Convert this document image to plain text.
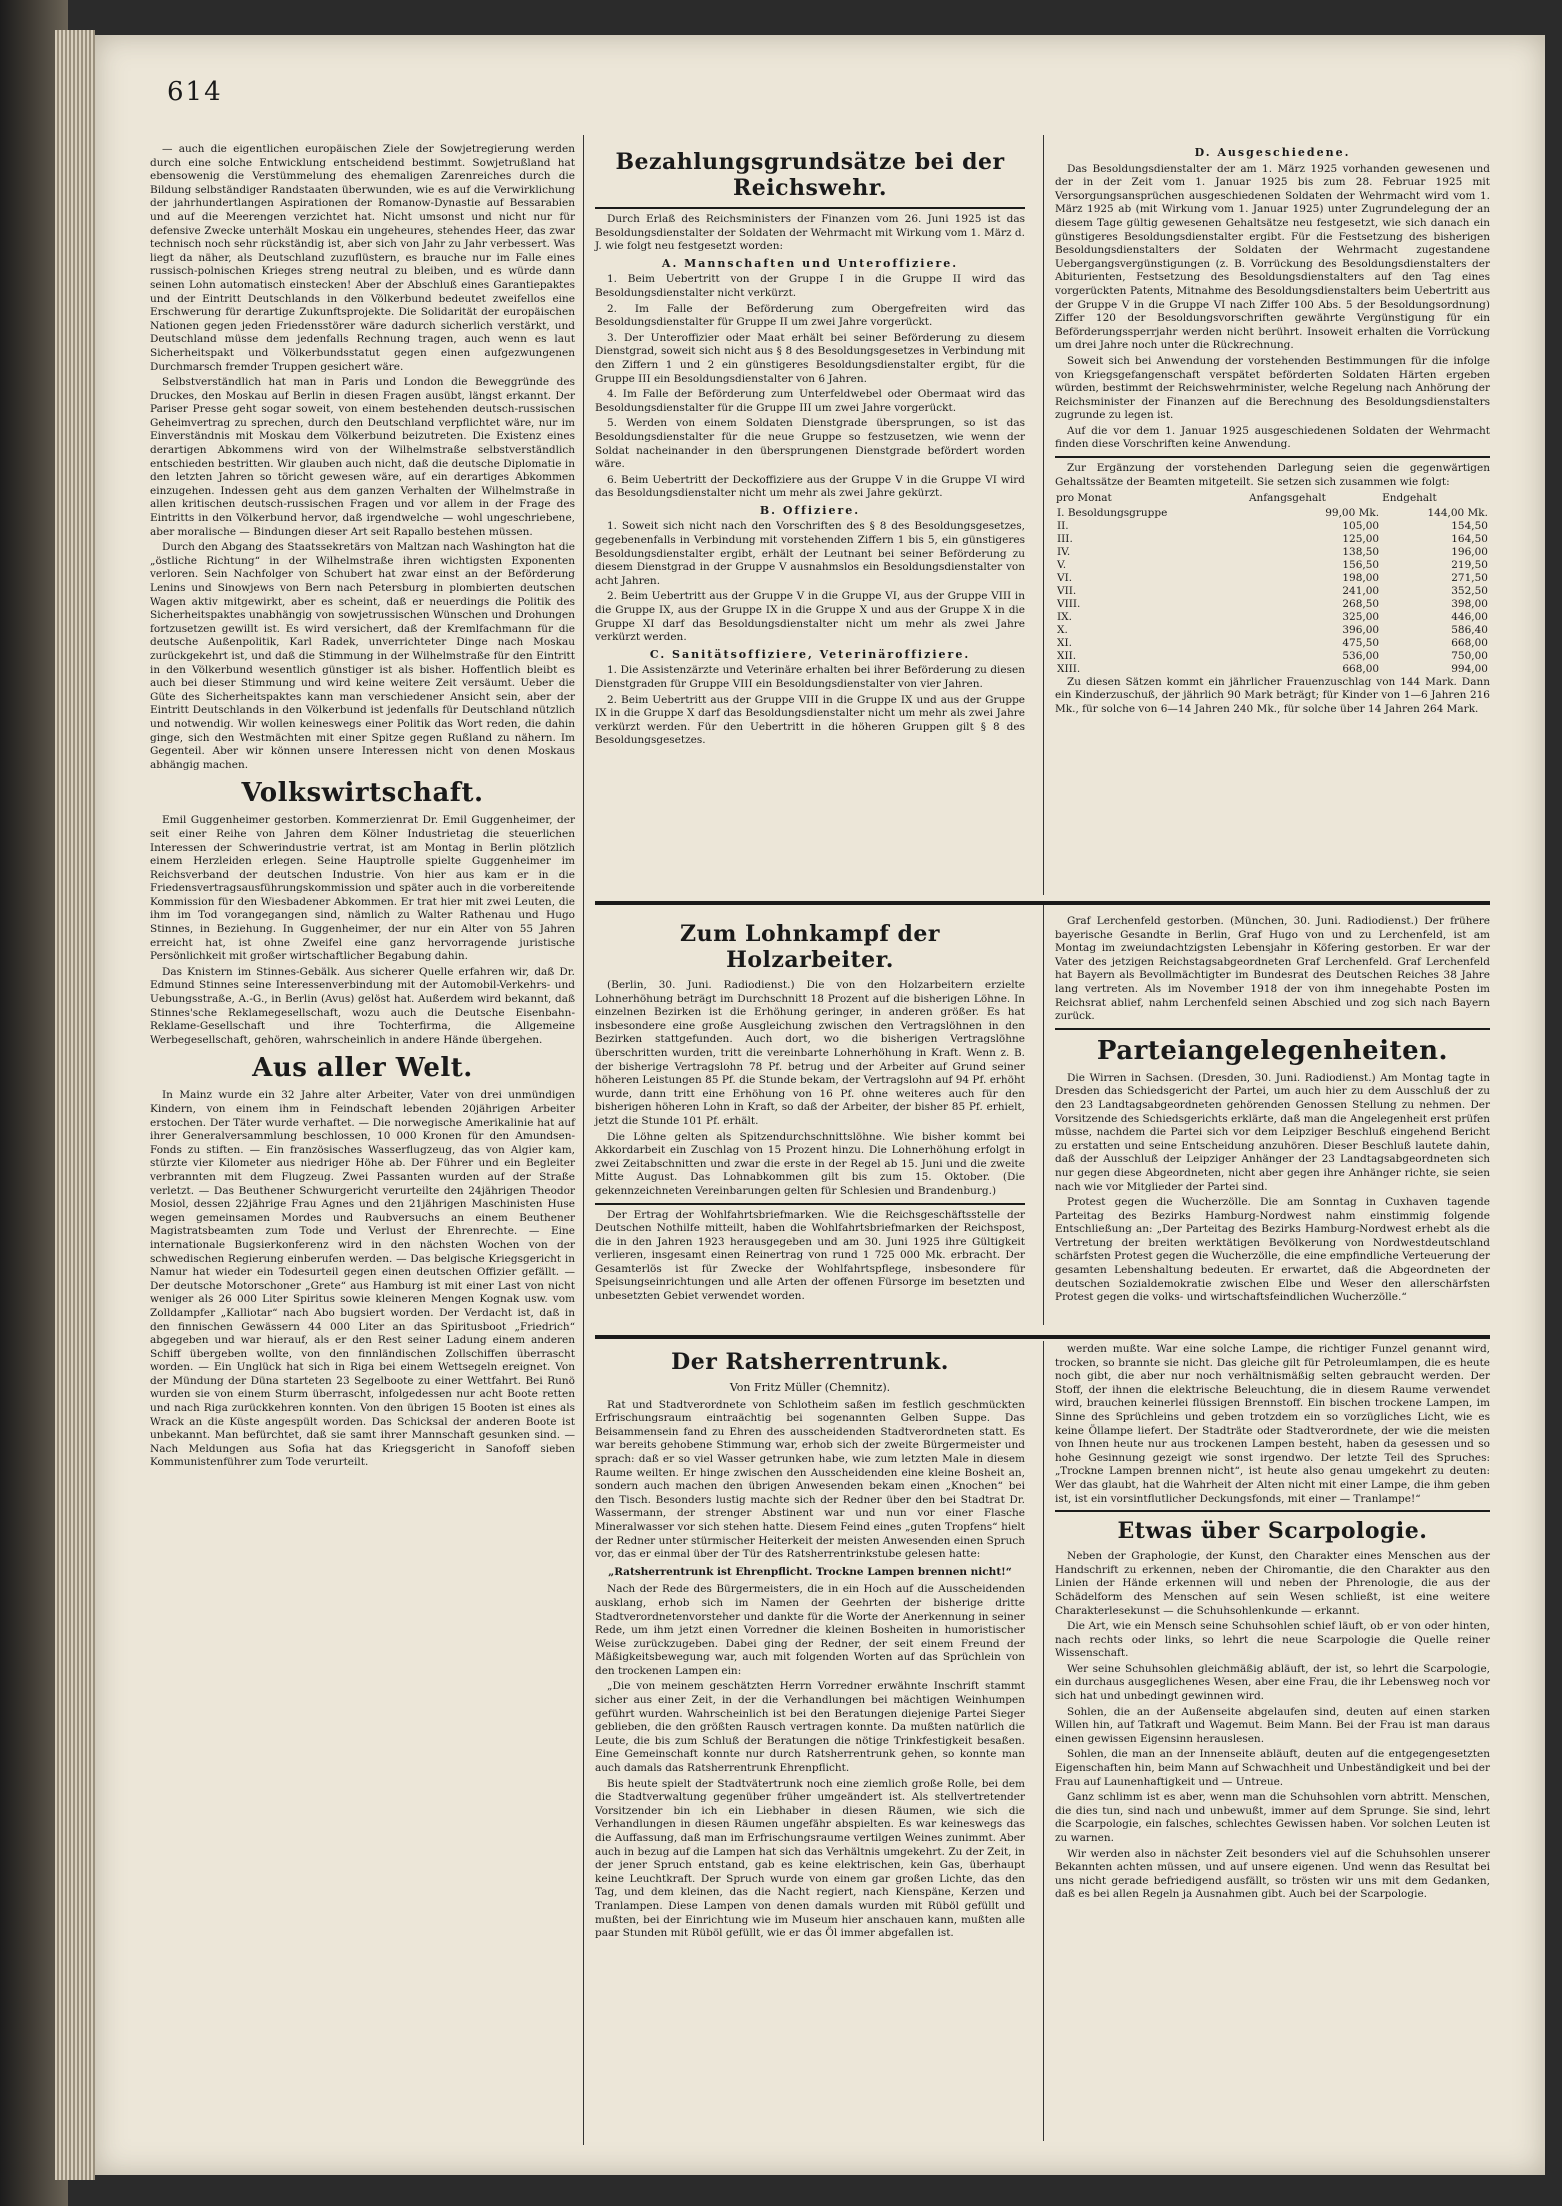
614

— auch die eigentlichen europäischen Ziele der Sowjetregierung werden durch eine solche Entwicklung entscheidend bestimmt. Sowjetrußland hat ebensowenig die Verstümmelung des ehemaligen Zarenreiches durch die Bildung selbständiger Randstaaten überwunden, wie es auf die Verwirklichung der jahrhundertlangen Aspirationen der Romanow-Dynastie auf Bessarabien und auf die Meerengen verzichtet hat. Nicht umsonst und nicht nur für defensive Zwecke unterhält Moskau ein ungeheures, stehendes Heer, das zwar technisch noch sehr rückständig ist, aber sich von Jahr zu Jahr verbessert. Was liegt da näher, als Deutschland zuzuflüstern, es brauche nur im Falle eines russisch-polnischen Krieges streng neutral zu bleiben, und es würde dann seinen Lohn automatisch einstecken! Aber der Abschluß eines Garantiepaktes und der Eintritt Deutschlands in den Völkerbund bedeutet zweifellos eine Erschwerung für derartige Zukunftsprojekte. Die Solidarität der europäischen Nationen gegen jeden Friedensstörer wäre dadurch sicherlich verstärkt, und Deutschland müsse dem jedenfalls Rechnung tragen, auch wenn es laut Sicherheitspakt und Völkerbundsstatut gegen einen aufgezwungenen Durchmarsch fremder Truppen gesichert wäre.

Selbstverständlich hat man in Paris und London die Beweggründe des Druckes, den Moskau auf Berlin in diesen Fragen ausübt, längst erkannt. Der Pariser Presse geht sogar soweit, von einem bestehenden deutsch-russischen Geheimvertrag zu sprechen, durch den Deutschland verpflichtet wäre, nur im Einverständnis mit Moskau dem Völkerbund beizutreten. Die Existenz eines derartigen Abkommens wird von der Wilhelmstraße selbstverständlich entschieden bestritten. Wir glauben auch nicht, daß die deutsche Diplomatie in den letzten Jahren so töricht gewesen wäre, auf ein derartiges Abkommen einzugehen. Indessen geht aus dem ganzen Verhalten der Wilhelmstraße in allen kritischen deutsch-russischen Fragen und vor allem in der Frage des Eintritts in den Völkerbund hervor, daß irgendwelche — wohl ungeschriebene, aber moralische — Bindungen dieser Art seit Rapallo bestehen müssen.

Durch den Abgang des Staatssekretärs von Maltzan nach Washington hat die „östliche Richtung“ in der Wilhelmstraße ihren wichtigsten Exponenten verloren. Sein Nachfolger von Schubert hat zwar einst an der Beförderung Lenins und Sinowjews von Bern nach Petersburg in plombierten deutschen Wagen aktiv mitgewirkt, aber es scheint, daß er neuerdings die Politik des Sicherheitspaktes unabhängig von sowjetrussischen Wünschen und Drohungen fortzusetzen gewillt ist. Es wird versichert, daß der Kremlfachmann für die deutsche Außenpolitik, Karl Radek, unverrichteter Dinge nach Moskau zurückgekehrt ist, und daß die Stimmung in der Wilhelmstraße für den Eintritt in den Völkerbund wesentlich günstiger ist als bisher. Hoffentlich bleibt es auch bei dieser Stimmung und wird keine weitere Zeit versäumt. Ueber die Güte des Sicherheitspaktes kann man verschiedener Ansicht sein, aber der Eintritt Deutschlands in den Völkerbund ist jedenfalls für Deutschland nützlich und notwendig. Wir wollen keineswegs einer Politik das Wort reden, die dahin ginge, sich den Westmächten mit einer Spitze gegen Rußland zu nähern. Im Gegenteil. Aber wir können unsere Interessen nicht von denen Moskaus abhängig machen.

Volkswirtschaft.

Emil Guggenheimer gestorben. Kommerzienrat Dr. Emil Guggenheimer, der seit einer Reihe von Jahren dem Kölner Industrietag die steuerlichen Interessen der Schwerindustrie vertrat, ist am Montag in Berlin plötzlich einem Herzleiden erlegen. Seine Hauptrolle spielte Guggenheimer im Reichsverband der deutschen Industrie. Von hier aus kam er in die Friedensvertragsausführungskommission und später auch in die vorbereitende Kommission für den Wiesbadener Abkommen. Er trat hier mit zwei Leuten, die ihm im Tod vorangegangen sind, nämlich zu Walter Rathenau und Hugo Stinnes, in Beziehung. In Guggenheimer, der nur ein Alter von 55 Jahren erreicht hat, ist ohne Zweifel eine ganz hervorragende juristische Persönlichkeit mit großer wirtschaftlicher Begabung dahin.

Das Knistern im Stinnes-Gebälk. Aus sicherer Quelle erfahren wir, daß Dr. Edmund Stinnes seine Interessenverbindung mit der Automobil-Verkehrs- und Uebungsstraße, A.-G., in Berlin (Avus) gelöst hat. Außerdem wird bekannt, daß Stinnes'sche Reklamegesellschaft, wozu auch die Deutsche Eisenbahn-Reklame-Gesellschaft und ihre Tochterfirma, die Allgemeine Werbegesellschaft, gehören, wahrscheinlich in andere Hände übergehen.

Aus aller Welt.

In Mainz wurde ein 32 Jahre alter Arbeiter, Vater von drei unmündigen Kindern, von einem ihm in Feindschaft lebenden 20jährigen Arbeiter erstochen. Der Täter wurde verhaftet. — Die norwegische Amerikalinie hat auf ihrer Generalversammlung beschlossen, 10 000 Kronen für den Amundsen-Fonds zu stiften. — Ein französisches Wasserflugzeug, das von Algier kam, stürzte vier Kilometer aus niedriger Höhe ab. Der Führer und ein Begleiter verbrannten mit dem Flugzeug. Zwei Passanten wurden auf der Straße verletzt. — Das Beuthener Schwurgericht verurteilte den 24jährigen Theodor Mosiol, dessen 22jährige Frau Agnes und den 21jährigen Maschinisten Huse wegen gemeinsamen Mordes und Raubversuchs an einem Beuthener Magistratsbeamten zum Tode und Verlust der Ehrenrechte. — Eine internationale Bugsierkonferenz wird in den nächsten Wochen von der schwedischen Regierung einberufen werden. — Das belgische Kriegsgericht in Namur hat wieder ein Todesurteil gegen einen deutschen Offizier gefällt. — Der deutsche Motorschoner „Grete“ aus Hamburg ist mit einer Last von nicht weniger als 26 000 Liter Spiritus sowie kleineren Mengen Kognak usw. vom Zolldampfer „Kalliotar“ nach Abo bugsiert worden. Der Verdacht ist, daß in den finnischen Gewässern 44 000 Liter an das Spiritusboot „Friedrich“ abgegeben und war hierauf, als er den Rest seiner Ladung einem anderen Schiff übergeben wollte, von den finnländischen Zollschiffen überrascht worden. — Ein Unglück hat sich in Riga bei einem Wettsegeln ereignet. Von der Mündung der Düna starteten 23 Segelboote zu einer Wettfahrt. Bei Runö wurden sie von einem Sturm überrascht, infolgedessen nur acht Boote retten und nach Riga zurückkehren konnten. Von den übrigen 15 Booten ist eines als Wrack an die Küste angespült worden. Das Schicksal der anderen Boote ist unbekannt. Man befürchtet, daß sie samt ihrer Mannschaft gesunken sind. — Nach Meldungen aus Sofia hat das Kriegsgericht in Sanofoff sieben Kommunistenführer zum Tode verurteilt.

Bezahlungsgrundsätze bei der Reichswehr.

Durch Erlaß des Reichsministers der Finanzen vom 26. Juni 1925 ist das Besoldungsdienstalter der Soldaten der Wehrmacht mit Wirkung vom 1. März d. J. wie folgt neu festgesetzt worden:

A. Mannschaften und Unteroffiziere.

1. Beim Uebertritt von der Gruppe I in die Gruppe II wird das Besoldungsdienstalter nicht verkürzt.

2. Im Falle der Beförderung zum Obergefreiten wird das Besoldungsdienstalter für Gruppe II um zwei Jahre vorgerückt.

3. Der Unteroffizier oder Maat erhält bei seiner Beförderung zu diesem Dienstgrad, soweit sich nicht aus § 8 des Besoldungsgesetzes in Verbindung mit den Ziffern 1 und 2 ein günstigeres Besoldungsdienstalter ergibt, für die Gruppe III ein Besoldungsdienstalter von 6 Jahren.

4. Im Falle der Beförderung zum Unterfeldwebel oder Obermaat wird das Besoldungsdienstalter für die Gruppe III um zwei Jahre vorgerückt.

5. Werden von einem Soldaten Dienstgrade übersprungen, so ist das Besoldungsdienstalter für die neue Gruppe so festzusetzen, wie wenn der Soldat nacheinander in den übersprungenen Dienstgrade befördert worden wäre.

6. Beim Uebertritt der Deckoffiziere aus der Gruppe V in die Gruppe VI wird das Besoldungsdienstalter nicht um mehr als zwei Jahre gekürzt.

B. Offiziere.

1. Soweit sich nicht nach den Vorschriften des § 8 des Besoldungsgesetzes, gegebenenfalls in Verbindung mit vorstehenden Ziffern 1 bis 5, ein günstigeres Besoldungsdienstalter ergibt, erhält der Leutnant bei seiner Beförderung zu diesem Dienstgrad in der Gruppe V ausnahmslos ein Besoldungsdienstalter von acht Jahren.

2. Beim Uebertritt aus der Gruppe V in die Gruppe VI, aus der Gruppe VIII in die Gruppe IX, aus der Gruppe IX in die Gruppe X und aus der Gruppe X in die Gruppe XI darf das Besoldungsdienstalter nicht um mehr als zwei Jahre verkürzt werden.

C. Sanitätsoffiziere, Veterinäroffiziere.

1. Die Assistenzärzte und Veterinäre erhalten bei ihrer Beförderung zu diesen Dienstgraden für Gruppe VIII ein Besoldungsdienstalter von vier Jahren.

2. Beim Uebertritt aus der Gruppe VIII in die Gruppe IX und aus der Gruppe IX in die Gruppe X darf das Besoldungsdienstalter nicht um mehr als zwei Jahre verkürzt werden. Für den Uebertritt in die höheren Gruppen gilt § 8 des Besoldungsgesetzes.

D. Ausgeschiedene.

Das Besoldungsdienstalter der am 1. März 1925 vorhanden gewesenen und der in der Zeit vom 1. Januar 1925 bis zum 28. Februar 1925 mit Versorgungsansprüchen ausgeschiedenen Soldaten der Wehrmacht wird vom 1. März 1925 ab (mit Wirkung vom 1. Januar 1925) unter Zugrundelegung der an diesem Tage gültig gewesenen Gehaltsätze neu festgesetzt, wie sich danach ein günstigeres Besoldungsdienstalter ergibt. Für die Festsetzung des bisherigen Besoldungsdienstalters der Soldaten der Wehrmacht zugestandene Uebergangsvergünstigungen (z. B. Vorrückung des Besoldungsdienstalters der Abiturienten, Festsetzung des Besoldungsdienstalters auf den Tag eines vorgerückten Patents, Mitnahme des Besoldungsdienstalters beim Uebertritt aus der Gruppe V in die Gruppe VI nach Ziffer 100 Abs. 5 der Besoldungsordnung) Ziffer 120 der Besoldungsvorschriften gewährte Vergünstigung für ein Beförderungssperrjahr werden nicht berührt. Insoweit erhalten die Vorrückung um drei Jahre noch unter die Rückrechnung.

Soweit sich bei Anwendung der vorstehenden Bestimmungen für die infolge von Kriegsgefangenschaft verspätet beförderten Soldaten Härten ergeben würden, bestimmt der Reichswehrminister, welche Regelung nach Anhörung der Reichsminister der Finanzen auf die Berechnung des Besoldungsdienstalters zugrunde zu legen ist.

Auf die vor dem 1. Januar 1925 ausgeschiedenen Soldaten der Wehrmacht finden diese Vorschriften keine Anwendung.

Zur Ergänzung der vorstehenden Darlegung seien die gegenwärtigen Gehaltssätze der Beamten mitgeteilt. Sie setzen sich zusammen wie folgt:

pro Monat	Anfangsgehalt	Endgehalt
I. Besoldungsgruppe	99,00 Mk.	144,00 Mk.
II.	105,00	154,50
III.	125,00	164,50
IV.	138,50	196,00
V.	156,50	219,50
VI.	198,00	271,50
VII.	241,00	352,50
VIII.	268,50	398,00
IX.	325,00	446,00
X.	396,00	586,40
XI.	475,50	668,00
XII.	536,00	750,00
XIII.	668,00	994,00

Zu diesen Sätzen kommt ein jährlicher Frauenzuschlag von 144 Mark. Dann ein Kinderzuschuß, der jährlich 90 Mark beträgt; für Kinder von 1—6 Jahren 216 Mk., für solche von 6—14 Jahren 240 Mk., für solche über 14 Jahren 264 Mark.

Zum Lohnkampf der Holzarbeiter.

(Berlin, 30. Juni. Radiodienst.) Die von den Holzarbeitern erzielte Lohnerhöhung beträgt im Durchschnitt 18 Prozent auf die bisherigen Löhne. In einzelnen Bezirken ist die Erhöhung geringer, in anderen größer. Es hat insbesondere eine große Ausgleichung zwischen den Vertragslöhnen in den Bezirken stattgefunden. Auch dort, wo die bisherigen Vertragslöhne überschritten wurden, tritt die vereinbarte Lohnerhöhung in Kraft. Wenn z. B. der bisherige Vertragslohn 78 Pf. betrug und der Arbeiter auf Grund seiner höheren Leistungen 85 Pf. die Stunde bekam, der Vertragslohn auf 94 Pf. erhöht wurde, dann tritt eine Erhöhung von 16 Pf. ohne weiteres auch für den bisherigen höheren Lohn in Kraft, so daß der Arbeiter, der bisher 85 Pf. erhielt, jetzt die Stunde 101 Pf. erhält.

Die Löhne gelten als Spitzendurchschnittslöhne. Wie bisher kommt bei Akkordarbeit ein Zuschlag von 15 Prozent hinzu. Die Lohnerhöhung erfolgt in zwei Zeitabschnitten und zwar die erste in der Regel ab 15. Juni und die zweite Mitte August. Das Lohnabkommen gilt bis zum 15. Oktober. (Die gekennzeichneten Vereinbarungen gelten für Schlesien und Brandenburg.)

Der Ertrag der Wohlfahrtsbriefmarken. Wie die Reichsgeschäftsstelle der Deutschen Nothilfe mitteilt, haben die Wohlfahrtsbriefmarken der Reichspost, die in den Jahren 1923 herausgegeben und am 30. Juni 1925 ihre Gültigkeit verlieren, insgesamt einen Reinertrag von rund 1 725 000 Mk. erbracht. Der Gesamterlös ist für Zwecke der Wohlfahrtspflege, insbesondere für Speisungseinrichtungen und alle Arten der offenen Fürsorge im besetzten und unbesetzten Gebiet verwendet worden.

Graf Lerchenfeld gestorben. (München, 30. Juni. Radiodienst.) Der frühere bayerische Gesandte in Berlin, Graf Hugo von und zu Lerchenfeld, ist am Montag im zweiundachtzigsten Lebensjahr in Köfering gestorben. Er war der Vater des jetzigen Reichstagsabgeordneten Graf Lerchenfeld. Graf Lerchenfeld hat Bayern als Bevollmächtigter im Bundesrat des Deutschen Reiches 38 Jahre lang vertreten. Als im November 1918 der von ihm innegehabte Posten im Reichsrat ablief, nahm Lerchenfeld seinen Abschied und zog sich nach Bayern zurück.

Parteiangelegenheiten.

Die Wirren in Sachsen. (Dresden, 30. Juni. Radiodienst.) Am Montag tagte in Dresden das Schiedsgericht der Partei, um auch hier zu dem Ausschluß der zu den 23 Landtagsabgeordneten gehörenden Genossen Stellung zu nehmen. Der Vorsitzende des Schiedsgerichts erklärte, daß man die Angelegenheit erst prüfen müsse, nachdem die Partei sich vor dem Leipziger Beschluß eingehend Bericht zu erstatten und seine Entscheidung anzuhören. Dieser Beschluß lautete dahin, daß der Ausschluß der Leipziger Anhänger der 23 Landtagsabgeordneten sich nur gegen diese Abgeordneten, nicht aber gegen ihre Anhänger richte, sie seien nach wie vor Mitglieder der Partei sind.

Protest gegen die Wucherzölle. Die am Sonntag in Cuxhaven tagende Parteitag des Bezirks Hamburg-Nordwest nahm einstimmig folgende Entschließung an: „Der Parteitag des Bezirks Hamburg-Nordwest erhebt als die Vertretung der breiten werktätigen Bevölkerung von Nordwestdeutschland schärfsten Protest gegen die Wucherzölle, die eine empfindliche Verteuerung der gesamten Lebenshaltung bedeuten. Er erwartet, daß die Abgeordneten der deutschen Sozialdemokratie zwischen Elbe und Weser den allerschärfsten Protest gegen die volks- und wirtschaftsfeindlichen Wucherzölle.“

Der Ratsherrentrunk.
Von Fritz Müller (Chemnitz).

Rat und Stadtverordnete von Schlotheim saßen im festlich geschmückten Erfrischungsraum eintraächtig bei sogenannten Gelben Suppe. Das Beisammensein fand zu Ehren des ausscheidenden Stadtverordneten statt. Es war bereits gehobene Stimmung war, erhob sich der zweite Bürgermeister und sprach: daß er so viel Wasser getrunken habe, wie zum letzten Male in diesem Raume weilten. Er hinge zwischen den Ausscheidenden eine kleine Bosheit an, sondern auch machen den übrigen Anwesenden bekam einen „Knochen“ bei den Tisch. Besonders lustig machte sich der Redner über den bei Stadtrat Dr. Wassermann, der strenger Abstinent war und nun vor einer Flasche Mineralwasser vor sich stehen hatte. Diesem Feind eines „guten Tropfens“ hielt der Redner unter stürmischer Heiterkeit der meisten Anwesenden einen Spruch vor, das er einmal über der Tür des Ratsherrentrinkstube gelesen hatte:

„Ratsherrentrunk ist Ehrenpflicht. Trockne Lampen brennen nicht!“

Nach der Rede des Bürgermeisters, die in ein Hoch auf die Ausscheidenden ausklang, erhob sich im Namen der Geehrten der bisherige dritte Stadtverordnetenvorsteher und dankte für die Worte der Anerkennung in seiner Rede, um ihm jetzt einen Vorredner die kleinen Bosheiten in humoristischer Weise zurückzugeben. Dabei ging der Redner, der seit einem Freund der Mäßigkeitsbewegung war, auch mit folgenden Worten auf das Sprüchlein von den trockenen Lampen ein:

„Die von meinem geschätzten Herrn Vorredner erwähnte Inschrift stammt sicher aus einer Zeit, in der die Verhandlungen bei mächtigen Weinhumpen geführt wurden. Wahrscheinlich ist bei den Beratungen diejenige Partei Sieger geblieben, die den größten Rausch vertragen konnte. Da mußten natürlich die Leute, die bis zum Schluß der Beratungen die nötige Trinkfestigkeit besaßen. Eine Gemeinschaft konnte nur durch Ratsherrentrunk gehen, so konnte man auch damals das Ratsherrentrunk Ehrenpflicht.

Bis heute spielt der Stadtvätertrunk noch eine ziemlich große Rolle, bei dem die Stadtverwaltung gegenüber früher umgeändert ist. Als stellvertretender Vorsitzender bin ich ein Liebhaber in diesen Räumen, wie sich die Verhandlungen in diesen Räumen ungefähr abspielten. Es war keineswegs das die Auffassung, daß man im Erfrischungsraume vertilgen Weines zunimmt. Aber auch in bezug auf die Lampen hat sich das Verhältnis umgekehrt. Zu der Zeit, in der jener Spruch entstand, gab es keine elektrischen, kein Gas, überhaupt keine Leuchtkraft. Der Spruch wurde von einem gar großen Lichte, das den Tag, und dem kleinen, das die Nacht regiert, nach Kienspäne, Kerzen und Tranlampen. Diese Lampen von denen damals wurden mit Rüböl gefüllt und mußten, bei der Einrichtung wie im Museum hier anschauen kann, mußten alle paar Stunden mit Rüböl gefüllt, wie er das Öl immer abgefallen ist.

werden mußte. War eine solche Lampe, die richtiger Funzel genannt wird, trocken, so brannte sie nicht. Das gleiche gilt für Petroleumlampen, die es heute noch gibt, die aber nur noch verhältnismäßig selten gebraucht werden. Der Stoff, der ihnen die elektrische Beleuchtung, die in diesem Raume verwendet wird, brauchen keinerlei flüssigen Brennstoff. Ein bischen trockene Lampen, im Sinne des Sprüchleins und geben trotzdem ein so vorzügliches Licht, wie es keine Öllampe liefert. Der Stadträte oder Stadtverordnete, der wie die meisten von Ihnen heute nur aus trockenen Lampen besteht, haben da gesessen und so hohe Gesinnung gezeigt wie sonst irgendwo. Der letzte Teil des Spruches: „Trockne Lampen brennen nicht“, ist heute also genau umgekehrt zu deuten: Wer das glaubt, hat die Wahrheit der Alten nicht mit einer Lampe, die ihm geben ist, ist ein vorsintflutlicher Deckungsfonds, mit einer — Tranlampe!“

Etwas über Scarpologie.

Neben der Graphologie, der Kunst, den Charakter eines Menschen aus der Handschrift zu erkennen, neben der Chiromantie, die den Charakter aus den Linien der Hände erkennen will und neben der Phrenologie, die aus der Schädelform des Menschen auf sein Wesen schließt, ist eine weitere Charakterlesekunst — die Schuhsohlenkunde — erkannt.

Die Art, wie ein Mensch seine Schuhsohlen schief läuft, ob er von oder hinten, nach rechts oder links, so lehrt die neue Scarpologie die Quelle reiner Wissenschaft.

Wer seine Schuhsohlen gleichmäßig abläuft, der ist, so lehrt die Scarpologie, ein durchaus ausgeglichenes Wesen, aber eine Frau, die ihr Lebensweg noch vor sich hat und unbedingt gewinnen wird.

Sohlen, die an der Außenseite abgelaufen sind, deuten auf einen starken Willen hin, auf Tatkraft und Wagemut. Beim Mann. Bei der Frau ist man daraus einen gewissen Eigensinn herauslesen.

Sohlen, die man an der Innenseite abläuft, deuten auf die entgegengesetzten Eigenschaften hin, beim Mann auf Schwachheit und Unbeständigkeit und bei der Frau auf Launenhaftigkeit und — Untreue.

Ganz schlimm ist es aber, wenn man die Schuhsohlen vorn abtritt. Menschen, die dies tun, sind nach und unbewußt, immer auf dem Sprunge. Sie sind, lehrt die Scarpologie, ein falsches, schlechtes Gewissen haben. Vor solchen Leuten ist zu warnen.

Wir werden also in nächster Zeit besonders viel auf die Schuhsohlen unserer Bekannten achten müssen, und auf unsere eigenen. Und wenn das Resultat bei uns nicht gerade befriedigend ausfällt, so trösten wir uns mit dem Gedanken, daß es bei allen Regeln ja Ausnahmen gibt. Auch bei der Scarpologie.
